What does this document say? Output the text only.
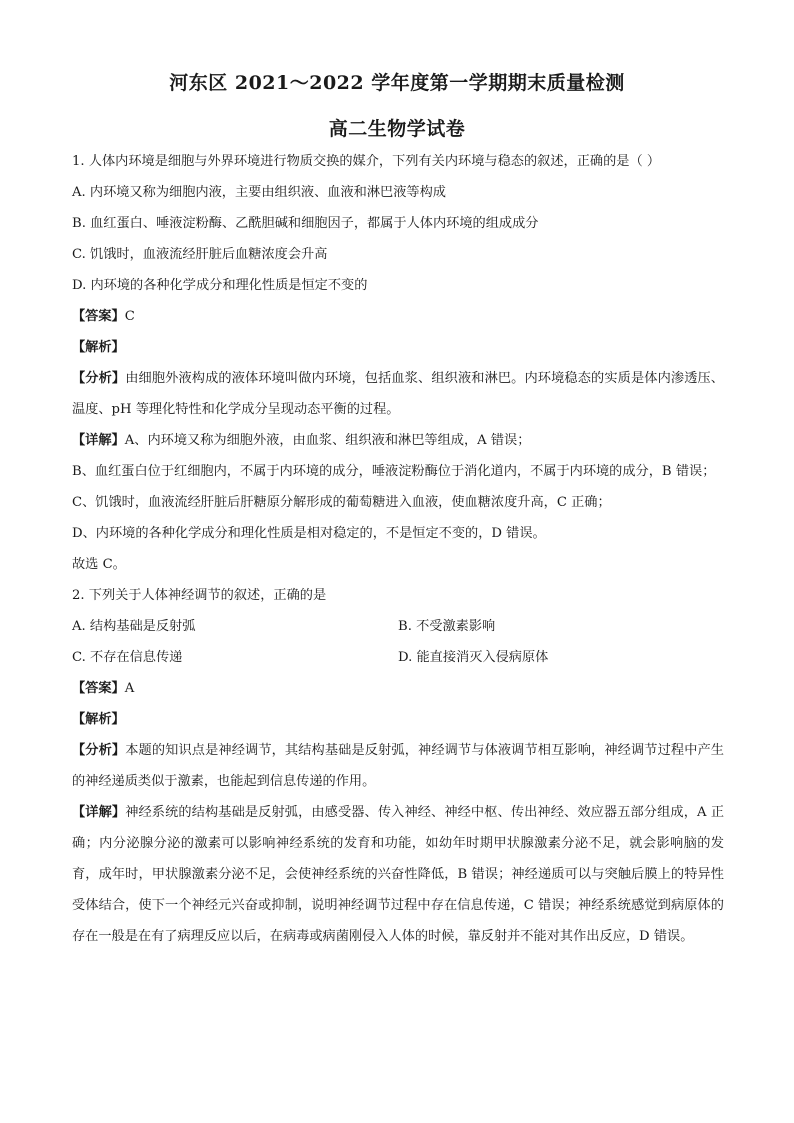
河东区 2021～2022 学年度第一学期期末质量检测
高二生物学试卷

1. 人体内环境是细胞与外界环境进行物质交换的媒介，下列有关内环境与稳态的叙述，正确的是（ ）

A. 内环境又称为细胞内液，主要由组织液、血液和淋巴液等构成

B. 血红蛋白、唾液淀粉酶、乙酰胆碱和细胞因子，都属于人体内环境的组成成分

C. 饥饿时，血液流经肝脏后血糖浓度会升高

D. 内环境的各种化学成分和理化性质是恒定不变的

【答案】C

【解析】

【分析】由细胞外液构成的液体环境叫做内环境，包括血浆、组织液和淋巴。内环境稳态的实质是体内渗透压、温度、pH 等理化特性和化学成分呈现动态平衡的过程。

【详解】A、内环境又称为细胞外液，由血浆、组织液和淋巴等组成，A 错误；

B、血红蛋白位于红细胞内，不属于内环境的成分，唾液淀粉酶位于消化道内，不属于内环境的成分，B 错误；

C、饥饿时，血液流经肝脏后肝糖原分解形成的葡萄糖进入血液，使血糖浓度升高，C 正确；

D、内环境的各种化学成分和理化性质是相对稳定的，不是恒定不变的，D 错误。

故选 C。

2. 下列关于人体神经调节的叙述，正确的是

A. 结构基础是反射弧	B. 不受激素影响
C. 不存在信息传递	D. 能直接消灭入侵病原体

【答案】A

【解析】

【分析】本题的知识点是神经调节，其结构基础是反射弧，神经调节与体液调节相互影响，神经调节过程中产生的神经递质类似于激素，也能起到信息传递的作用。

【详解】神经系统的结构基础是反射弧，由感受器、传入神经、神经中枢、传出神经、效应器五部分组成，A 正确；内分泌腺分泌的激素可以影响神经系统的发育和功能，如幼年时期甲状腺激素分泌不足，就会影响脑的发育，成年时，甲状腺激素分泌不足，会使神经系统的兴奋性降低，B 错误；神经递质可以与突触后膜上的特异性受体结合，使下一个神经元兴奋或抑制，说明神经调节过程中存在信息传递，C 错误；神经系统感觉到病原体的存在一般是在有了病理反应以后，在病毒或病菌刚侵入人体的时候，靠反射并不能对其作出反应，D 错误。
